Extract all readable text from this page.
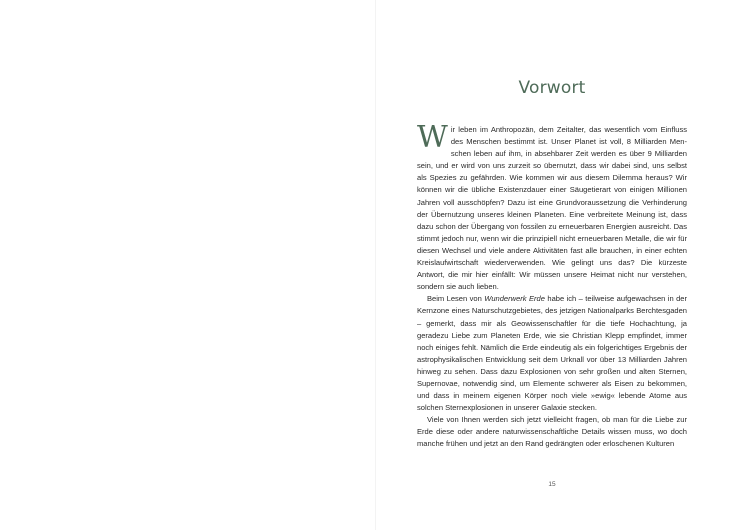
Vorwort

Wir leben im Anthropozän, dem Zeitalter, das wesentlich vom Einfluss des Menschen bestimmt ist. Unser Planet ist voll, 8 Milliarden Menschen leben auf ihm, in absehbarer Zeit werden es über 9 Milliarden sein, und er wird von uns zurzeit so übernutzt, dass wir dabei sind, uns selbst als Spezies zu gefährden. Wie kommen wir aus diesem Dilemma heraus? Wir können wir die übliche Existenzdauer einer Säugetierart von einigen Millionen Jahren voll ausschöpfen? Dazu ist eine Grundvoraussetzung die Verhinderung der Übernutzung unseres kleinen Planeten. Eine verbreitete Meinung ist, dass dazu schon der Übergang von fossilen zu erneuerbaren Energien ausreicht. Das stimmt jedoch nur, wenn wir die prinzipiell nicht erneuerbaren Metalle, die wir für diesen Wechsel und viele andere Aktivitäten fast alle brauchen, in einer echten Kreislaufwirtschaft wiederverwenden. Wie gelingt uns das? Die kürzeste Antwort, die mir hier einfällt: Wir müssen unsere Heimat nicht nur verstehen, sondern sie auch lieben.

Beim Lesen von Wunderwerk Erde habe ich – teilweise aufgewachsen in der Kernzone eines Naturschutzgebietes, des jetzigen Nationalparks Berchtesgaden – gemerkt, dass mir als Geowissenschaftler für die tiefe Hochachtung, ja geradezu Liebe zum Planeten Erde, wie sie Christian Klepp empfindet, immer noch einiges fehlt. Nämlich die Erde eindeutig als ein folgerichtiges Ergebnis der astrophysikalischen Entwicklung seit dem Urknall vor über 13 Milliarden Jahren hinweg zu sehen. Dass dazu Explosionen von sehr großen und alten Sternen, Supernovae, notwendig sind, um Elemente schwerer als Eisen zu bekommen, und dass in meinem eigenen Körper noch viele »ewig« lebende Atome aus solchen Sternexplosionen in unserer Galaxie stecken.

Viele von Ihnen werden sich jetzt vielleicht fragen, ob man für die Liebe zur Erde diese oder andere naturwissenschaftliche Details wissen muss, wo doch manche frühen und jetzt an den Rand gedrängten oder erloschenen Kulturen

15
